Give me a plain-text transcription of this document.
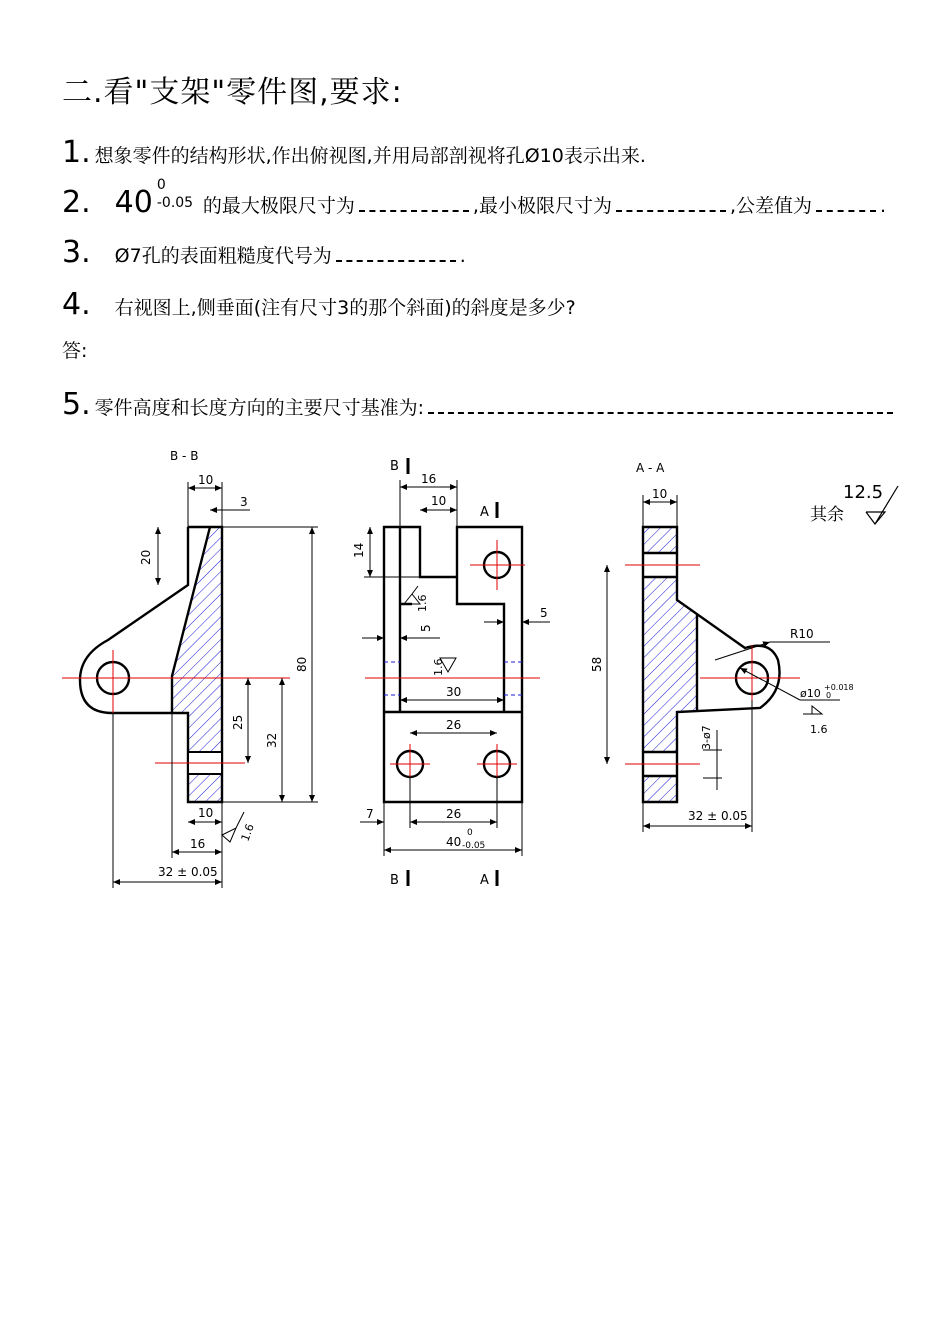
二.看"支架"零件图,要求:
1. 想象零件的结构形状,作出俯视图,并用局部剖视将孔Ø10表示出来.
2. 40 0
-0.05 的最大极限尺寸为	,最小极限尺寸为	,公差值为	.
3. Ø7孔的表面粗糙度代号为	.
4. 右视图上,侧垂面(注有尺寸3的那个斜面)的斜度是多少?
答:
5. 零件高度和长度方向的主要尺寸基准为:
B - B
10
3
20
80
25
32
10
16
32 ± 0.05
1.6
B
A
16
10
14
1.6
5
5
1.6
30
26
26
7
40
0
-0.05
B	A
A - A
10
58
R10
ø10 +0.018
0
1.6
3-ø7
32 ± 0.05
其余
12.5
